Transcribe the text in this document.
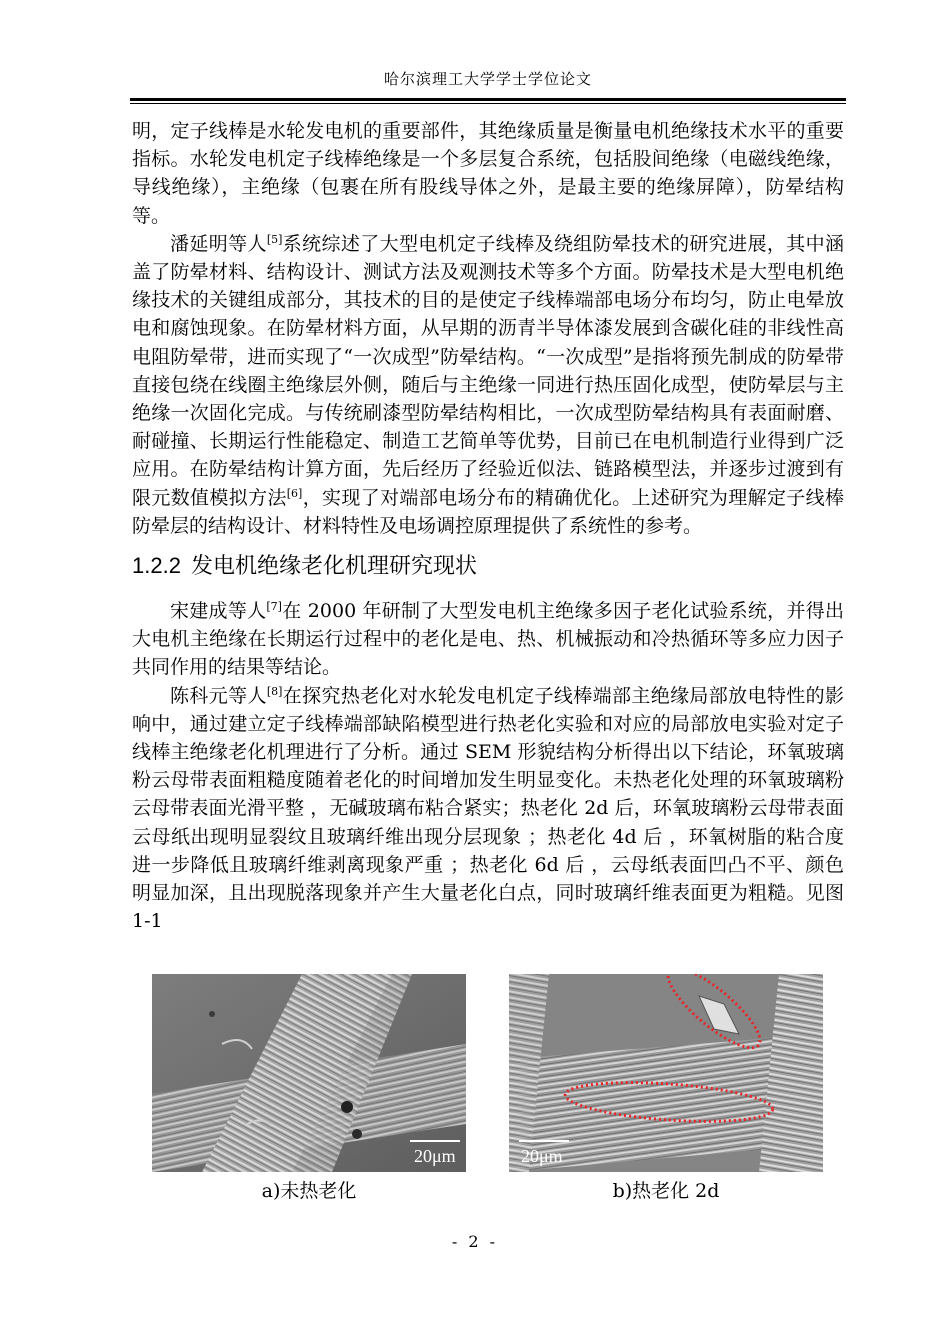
哈尔滨理工大学学士学位论文

明，定子线棒是水轮发电机的重要部件，其绝缘质量是衡量电机绝缘技术水平的重要指标。水轮发电机定子线棒绝缘是一个多层复合系统，包括股间绝缘（电磁线绝缘，导线绝缘），主绝缘（包裹在所有股线导体之外，是最主要的绝缘屏障），防晕结构等。

潘延明等人[5]系统综述了大型电机定子线棒及绕组防晕技术的研究进展，其中涵盖了防晕材料、结构设计、测试方法及观测技术等多个方面。防晕技术是大型电机绝缘技术的关键组成部分，其技术的目的是使定子线棒端部电场分布均匀，防止电晕放电和腐蚀现象。在防晕材料方面，从早期的沥青半导体漆发展到含碳化硅的非线性高电阻防晕带，进而实现了“一次成型”防晕结构。“一次成型”是指将预先制成的防晕带直接包绕在线圈主绝缘层外侧，随后与主绝缘一同进行热压固化成型，使防晕层与主绝缘一次固化完成。与传统刷漆型防晕结构相比，一次成型防晕结构具有表面耐磨、耐碰撞、长期运行性能稳定、制造工艺简单等优势，目前已在电机制造行业得到广泛应用。在防晕结构计算方面，先后经历了经验近似法、链路模型法，并逐步过渡到有限元数值模拟方法[6]，实现了对端部电场分布的精确优化。上述研究为理解定子线棒防晕层的结构设计、材料特性及电场调控原理提供了系统性的参考。

1.2.2 发电机绝缘老化机理研究现状

宋建成等人[7]在 2000 年研制了大型发电机主绝缘多因子老化试验系统，并得出大电机主绝缘在长期运行过程中的老化是电、热、机械振动和冷热循环等多应力因子共同作用的结果等结论。

陈科元等人[8]在探究热老化对水轮发电机定子线棒端部主绝缘局部放电特性的影响中，通过建立定子线棒端部缺陷模型进行热老化实验和对应的局部放电实验对定子线棒主绝缘老化机理进行了分析。通过 SEM 形貌结构分析得出以下结论，环氧玻璃粉云母带表面粗糙度随着老化的时间增加发生明显变化。未热老化处理的环氧玻璃粉云母带表面光滑平整 ，无碱玻璃布粘合紧实；热老化 2d 后，环氧玻璃粉云母带表面云母纸出现明显裂纹且玻璃纤维出现分层现象 ；热老化 4d 后 ，环氧树脂的粘合度进一步降低且玻璃纤维剥离现象严重 ；热老化 6d 后 ，云母纸表面凹凸不平、颜色明显加深，且出现脱落现象并产生大量老化白点，同时玻璃纤维表面更为粗糙。见图 1-1

20μm	20μm
a)未热老化	b)热老化 2d
- 2 -
